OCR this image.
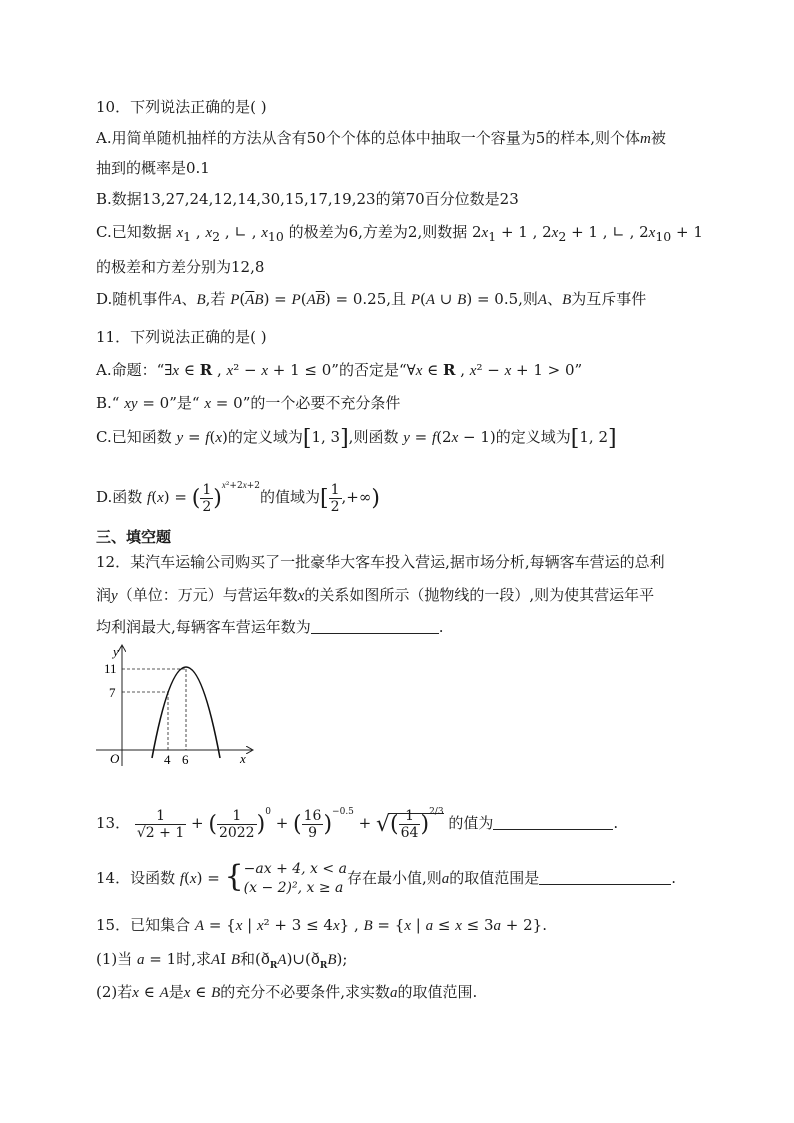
10．下列说法正确的是( )
A.用简单随机抽样的方法从含有50个个体的总体中抽取一个容量为5的样本,则个体m被
抽到的概率是0.1
B.数据13,27,24,12,14,30,15,17,19,23的第70百分位数是23
C.已知数据 $x_1$ , $x_2$ , ∟ , $x_{10}$ 的极差为6,方差为2,则数据 $2x_1 + 1$ , $2x_2 + 1$ , ∟ , $2x_{10} + 1$
的极差和方差分别为12,8
D.随机事件A、B,若 $P(\overline{A}B) = P(A\overline{B}) = 0.25$,且 P(A ∪ B) = 0.5,则A、B为互斥事件
11．下列说法正确的是( )
A.命题：“∃x ∈ R , x² − x + 1 ≤ 0”的否定是“∀x ∈ R , x² − x + 1 > 0”
B.“ xy = 0”是“ x = 0”的一个必要不充分条件
C.已知函数 y = f(x)的定义域为[1, 3],则函数 y = f(2x − 1)的定义域为[1, 2]
D.函数 f(x) = ( $\frac{1}{2} )^{x^2+2x+2}$的值域为[ $\frac{1}{2}$ ,+∞)
三、填空题
12．某汽车运输公司购买了一批豪华大客车投入营运,据市场分析,每辆客车营运的总利
润y（单位：万元）与营运年数x的关系如图所示（抛物线的一段）,则为使其营运年平
均利润最大,每辆客车营运年数为	.
y
x
O
11
7
4 6
13． $\frac{1}{√2 + 1}$ + ( $\frac{1}{2022} )^0$ + ( $\frac{16}{9} )^{-0.5}$ + √( $\frac{1}{64} )^{2/3}$ 的值为	.
14．设函数 f(x) = { −ax + 4, x < a
(x − 2)², x ≥ a
存在最小值,则a的取值范围是	.
15．已知集合 A = {x | x² + 3 ≤ 4x} , B = {x | a ≤ x ≤ 3a + 2}.
(1)当 a = 1时,求AI B和$(ð_RA)\cup(ð_RB)$;
(2)若x ∈ A是x ∈ B的充分不必要条件,求实数a的取值范围.
